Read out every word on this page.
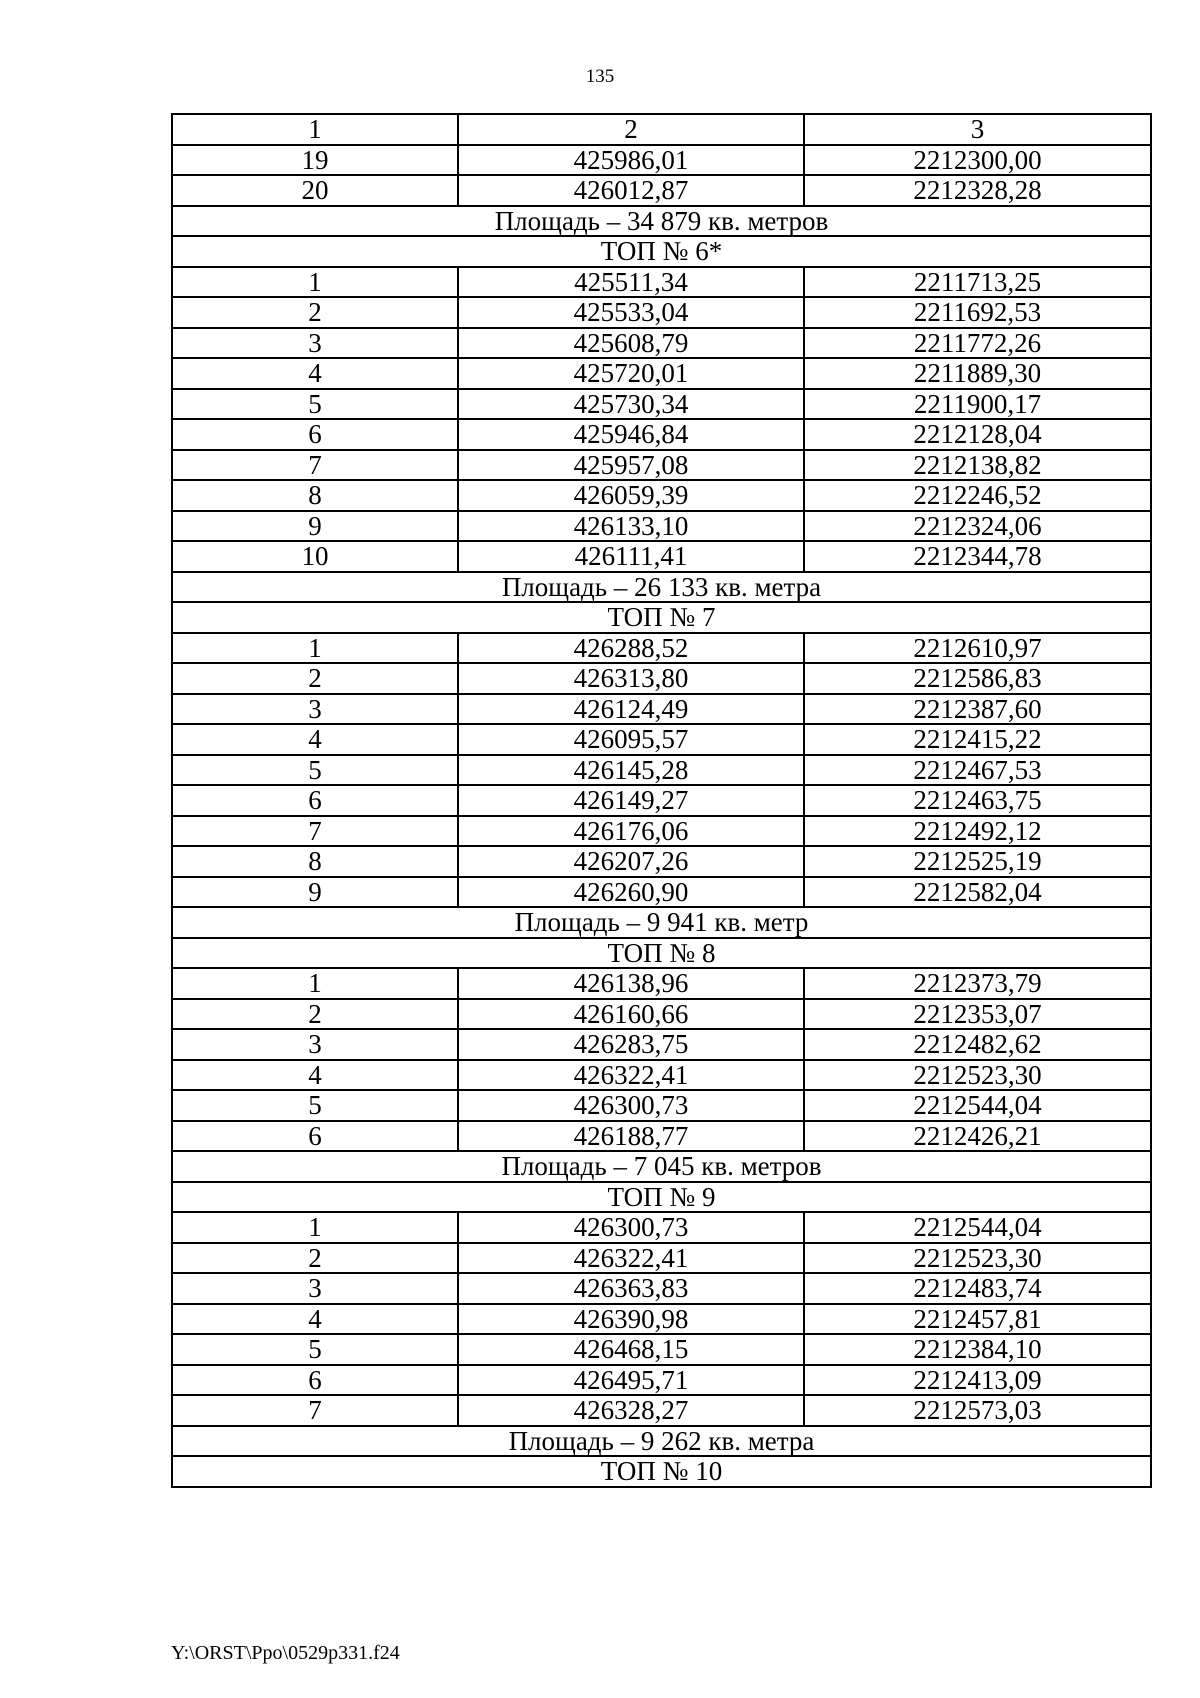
135
1	2	3
19	425986,01	2212300,00
20	426012,87	2212328,28
Площадь – 34 879 кв. метров		
ТОП № 6*		
1	425511,34	2211713,25
2	425533,04	2211692,53
3	425608,79	2211772,26
4	425720,01	2211889,30
5	425730,34	2211900,17
6	425946,84	2212128,04
7	425957,08	2212138,82
8	426059,39	2212246,52
9	426133,10	2212324,06
10	426111,41	2212344,78
Площадь – 26 133 кв. метра		
ТОП № 7		
1	426288,52	2212610,97
2	426313,80	2212586,83
3	426124,49	2212387,60
4	426095,57	2212415,22
5	426145,28	2212467,53
6	426149,27	2212463,75
7	426176,06	2212492,12
8	426207,26	2212525,19
9	426260,90	2212582,04
Площадь – 9 941 кв. метр		
ТОП № 8		
1	426138,96	2212373,79
2	426160,66	2212353,07
3	426283,75	2212482,62
4	426322,41	2212523,30
5	426300,73	2212544,04
6	426188,77	2212426,21
Площадь – 7 045 кв. метров		
ТОП № 9		
1	426300,73	2212544,04
2	426322,41	2212523,30
3	426363,83	2212483,74
4	426390,98	2212457,81
5	426468,15	2212384,10
6	426495,71	2212413,09
7	426328,27	2212573,03
Площадь – 9 262 кв. метра		
ТОП № 10		
Y:\ORST\Ppo\0529p331.f24
